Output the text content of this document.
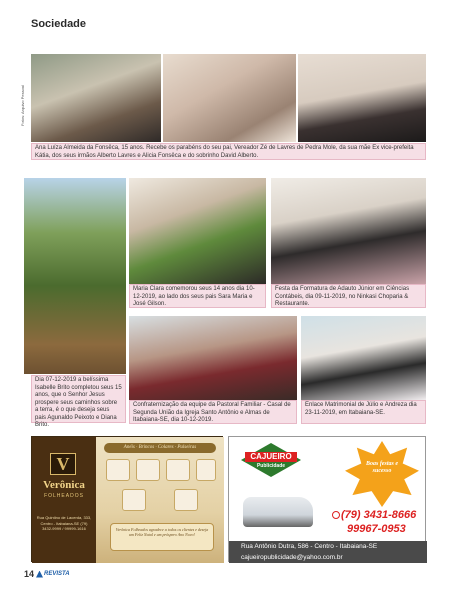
Sociedade
Fotos: Arquivo Pessoal
Ana Luíza Almeida da Fonsêca, 15 anos. Recebe os parabéns do seu pai, Vereador Zé de Lavres de Pedra Mole, da sua mãe Ex vice-prefeita Kátia, dos seus irmãos Alberto Lavres e Alicia Fonsêca e do sobrinho David Alberto.
Dia 07-12-2019 a belíssima Isabelle Brito completou seus 15 anos, que o Senhor Jesus prospere seus caminhos sobre a terra, é o que deseja seus pais Agunaldo Peixoto e Diana Brito.
Maria Clara comemorou seus 14 anos dia 10-12-2019, ao lado dos seus pais Sara Maria e José Gilson.
Festa da Formatura de Adauto Júnior em Ciências Contábeis, dia 09-11-2019, no Ninkasi Choparia & Restaurante.
Confraternização da equipe da Pastoral Familiar - Casal de Segunda União da Igreja Santo Antônio e Almas de Itabaiana-SE, dia 10-12-2019.
Enlace Matrimonial de Júlio e Andreza dia 23-11-2019, em Itabaiana-SE.
V
Verônica
FOLHEADOS
Rua Quintino de Lacerda, 333, Centro - Itabaiana-SE (79) 3432-9999 / 99999-1616
Anéis · Brincos · Colares · Pulseiras
Verônica Folheados agradece a todos os clientes e deseja um Feliz Natal e um próspero Ano Novo!
CAJUEIRO
Publicidade	Boas festas e sucesso
(79) 3431-8666
99967-0953
Rua Antônio Dutra, 586 - Centro - Itabaiana-SE
cajueiropublicidade@yahoo.com.br
14 REVISTA
